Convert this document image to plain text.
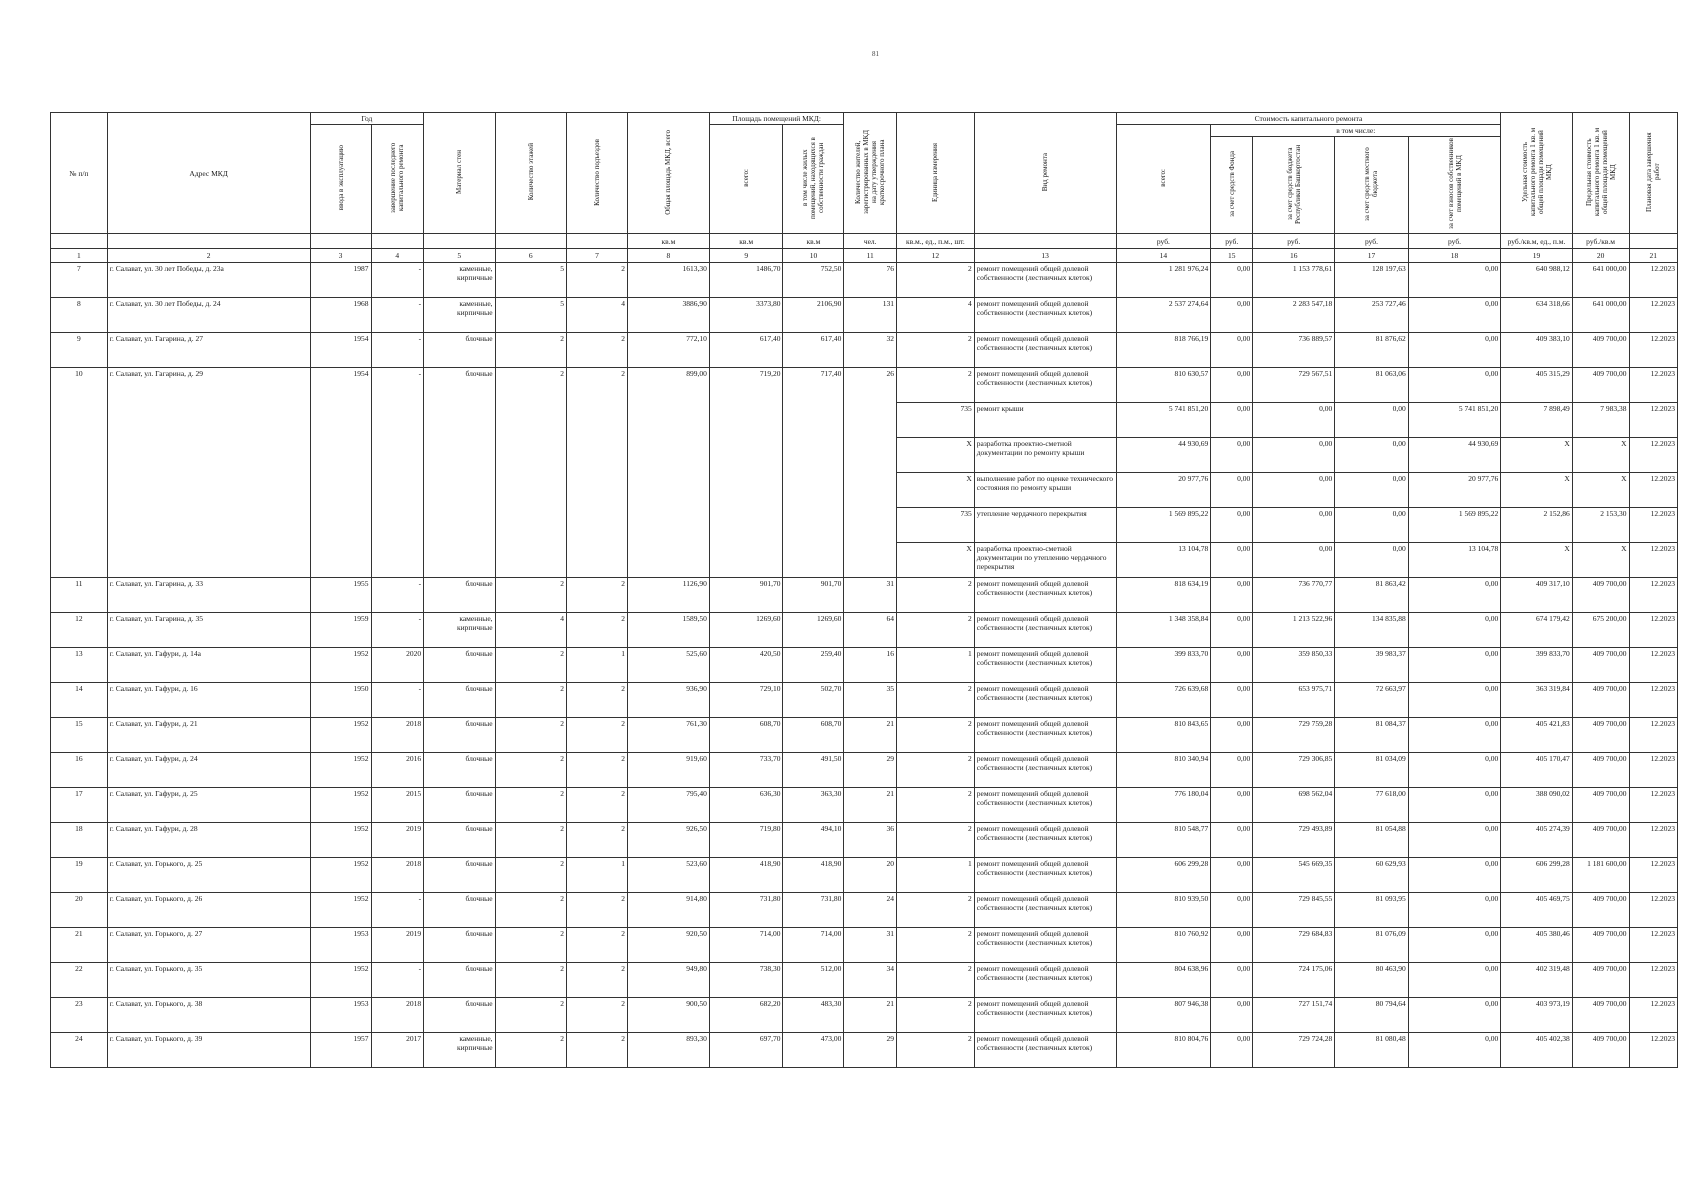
81
№ п/п	Адрес МКД	Год		Материал стен	Количество этажей	Количество подъездов	Общая площадь МКД, всего	Площадь помещений МКД:		Количество жителей, зарегистрированных в МКД на дату утверждения краткосрочного плана	Единица измерения	Вид ремонта	Стоимость капитального ремонта					Удельная стоимость капитального ремонта 1 кв. м общей площади помещений МКД	Предельная стоимость капитального ремонта 1 кв. м общей площади помещений МКД	Плановая дата завершения работ
		ввода в эксплуатацию	завершение последнего капитального ремонта					всего:	в том числе жилых помещений, находящихся в собственности граждан				всего:	в том числе:						
														за счет средств Фонда	за счет средств бюджета Республики Башкортостан	за счет средств местного бюджета	за счет взносов собственников помещений в МКД			
							кв.м	кв.м	кв.м	чел.	кв.м., ед., п.м., шт.		руб.	руб.	руб.	руб.	руб.	руб./кв.м, ед., п.м.	руб./кв.м	
1	2	3	4	5	6	7	8	9	10	11	12	13	14	15	16	17	18	19	20	21
7	г. Салават, ул. 30 лет Победы, д. 23а	1987	-	каменные, кирпичные	5	2	1613,30	1486,70	752,50	76	2	ремонт помещений общей долевой собственности (лестничных клеток)	1 281 976,24	0,00	1 153 778,61	128 197,63	0,00	640 988,12	641 000,00	12.2023
8	г. Салават, ул. 30 лет Победы, д. 24	1968	-	каменные, кирпичные	5	4	3886,90	3373,80	2106,90	131	4	ремонт помещений общей долевой собственности (лестничных клеток)	2 537 274,64	0,00	2 283 547,18	253 727,46	0,00	634 318,66	641 000,00	12.2023
9	г. Салават, ул. Гагарина, д. 27	1954	-	блочные	2	2	772,10	617,40	617,40	32	2	ремонт помещений общей долевой собственности (лестничных клеток)	818 766,19	0,00	736 889,57	81 876,62	0,00	409 383,10	409 700,00	12.2023
10	г. Салават, ул. Гагарина, д. 29	1954	-	блочные	2	2	899,00	719,20	717,40	26	2	ремонт помещений общей долевой собственности (лестничных клеток)	810 630,57	0,00	729 567,51	81 063,06	0,00	405 315,29	409 700,00	12.2023
											735	ремонт крыши	5 741 851,20	0,00	0,00	0,00	5 741 851,20	7 898,49	7 983,38	12.2023
											X	разработка проектно-сметной документации по ремонту крыши	44 930,69	0,00	0,00	0,00	44 930,69	X	X	12.2023
											X	выполнение работ по оценке технического состояния по ремонту крыши	20 977,76	0,00	0,00	0,00	20 977,76	X	X	12.2023
											735	утепление чердачного перекрытия	1 569 895,22	0,00	0,00	0,00	1 569 895,22	2 152,86	2 153,30	12.2023
											X	разработка проектно-сметной документации по утеплению чердачного перекрытия	13 104,78	0,00	0,00	0,00	13 104,78	X	X	12.2023
11	г. Салават, ул. Гагарина, д. 33	1955	-	блочные	2	2	1126,90	901,70	901,70	31	2	ремонт помещений общей долевой собственности (лестничных клеток)	818 634,19	0,00	736 770,77	81 863,42	0,00	409 317,10	409 700,00	12.2023
12	г. Салават, ул. Гагарина, д. 35	1959	-	каменные, кирпичные	4	2	1589,50	1269,60	1269,60	64	2	ремонт помещений общей долевой собственности (лестничных клеток)	1 348 358,84	0,00	1 213 522,96	134 835,88	0,00	674 179,42	675 200,00	12.2023
13	г. Салават, ул. Гафури, д. 14а	1952	2020	блочные	2	1	525,60	420,50	259,40	16	1	ремонт помещений общей долевой собственности (лестничных клеток)	399 833,70	0,00	359 850,33	39 983,37	0,00	399 833,70	409 700,00	12.2023
14	г. Салават, ул. Гафури, д. 16	1950	-	блочные	2	2	936,90	729,10	502,70	35	2	ремонт помещений общей долевой собственности (лестничных клеток)	726 639,68	0,00	653 975,71	72 663,97	0,00	363 319,84	409 700,00	12.2023
15	г. Салават, ул. Гафури, д. 21	1952	2018	блочные	2	2	761,30	608,70	608,70	21	2	ремонт помещений общей долевой собственности (лестничных клеток)	810 843,65	0,00	729 759,28	81 084,37	0,00	405 421,83	409 700,00	12.2023
16	г. Салават, ул. Гафури, д. 24	1952	2016	блочные	2	2	919,60	733,70	491,50	29	2	ремонт помещений общей долевой собственности (лестничных клеток)	810 340,94	0,00	729 306,85	81 034,09	0,00	405 170,47	409 700,00	12.2023
17	г. Салават, ул. Гафури, д. 25	1952	2015	блочные	2	2	795,40	636,30	363,30	21	2	ремонт помещений общей долевой собственности (лестничных клеток)	776 180,04	0,00	698 562,04	77 618,00	0,00	388 090,02	409 700,00	12.2023
18	г. Салават, ул. Гафури, д. 28	1952	2019	блочные	2	2	926,50	719,80	494,10	36	2	ремонт помещений общей долевой собственности (лестничных клеток)	810 548,77	0,00	729 493,89	81 054,88	0,00	405 274,39	409 700,00	12.2023
19	г. Салават, ул. Горького, д. 25	1952	2018	блочные	2	1	523,60	418,90	418,90	20	1	ремонт помещений общей долевой собственности (лестничных клеток)	606 299,28	0,00	545 669,35	60 629,93	0,00	606 299,28	1 181 600,00	12.2023
20	г. Салават, ул. Горького, д. 26	1952	-	блочные	2	2	914,80	731,80	731,80	24	2	ремонт помещений общей долевой собственности (лестничных клеток)	810 939,50	0,00	729 845,55	81 093,95	0,00	405 469,75	409 700,00	12.2023
21	г. Салават, ул. Горького, д. 27	1953	2019	блочные	2	2	920,50	714,00	714,00	31	2	ремонт помещений общей долевой собственности (лестничных клеток)	810 760,92	0,00	729 684,83	81 076,09	0,00	405 380,46	409 700,00	12.2023
22	г. Салават, ул. Горького, д. 35	1952	-	блочные	2	2	949,80	738,30	512,00	34	2	ремонт помещений общей долевой собственности (лестничных клеток)	804 638,96	0,00	724 175,06	80 463,90	0,00	402 319,48	409 700,00	12.2023
23	г. Салават, ул. Горького, д. 38	1953	2018	блочные	2	2	900,50	682,20	483,30	21	2	ремонт помещений общей долевой собственности (лестничных клеток)	807 946,38	0,00	727 151,74	80 794,64	0,00	403 973,19	409 700,00	12.2023
24	г. Салават, ул. Горького, д. 39	1957	2017	каменные, кирпичные	2	2	893,30	697,70	473,00	29	2	ремонт помещений общей долевой собственности (лестничных клеток)	810 804,76	0,00	729 724,28	81 080,48	0,00	405 402,38	409 700,00	12.2023
